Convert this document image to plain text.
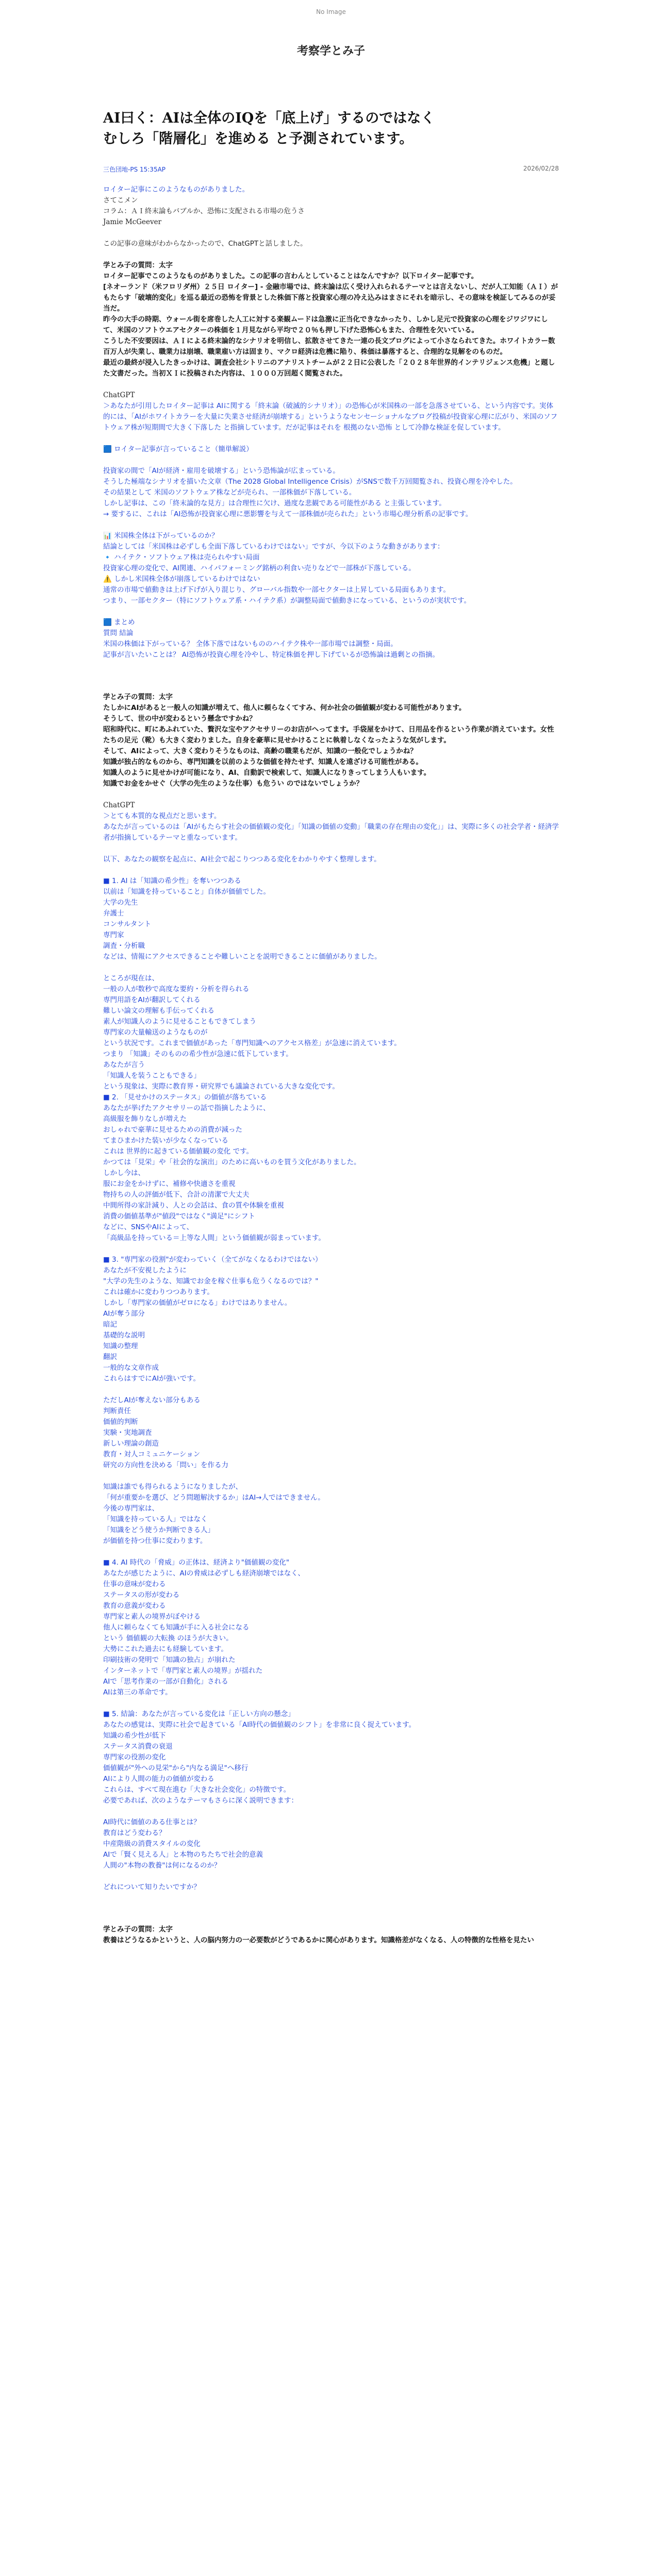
No Image
考察学とみ子
AI曰く：AIは全体のIQを「底上げ」するのではなく
むしろ「階層化」を進める と予測されています。
三色団地-PS 15:35AP	2026/02/28
ロイター記事にこのようなものがありました。
さてこメン
コラム：ＡＩ終末論もバブルか、恐怖に支配される市場の危うさ
Jamie McGeever
この記事の意味がわからなかったので、ChatGPTと話しました。
学とみ子の質問：太字
ロイター記事でこのようなものがありました。この記事の言わんとしていることはなんですか？以下ロイター記事です。
[ネオーランド（米フロリダ州）２５日 ロイター] - 金融市場では、終末論は広く受け入れられるテーマとは言えないし、だが人工知能（ＡＩ）がもたらす「破壊的変化」を巡る最近の恐怖を背景とした株価下落と投資家心理の冷え込みはまさにそれを暗示し、その意味を検証してみるのが妥当だ。
昨今の大手の時期、ウォール街を席巻した人工に対する楽観ムードは急激に正当化できなかったり、しかし足元で投資家の心理をジワジワにして、米国のソフトウエアセクターの株価を１月見ながら平均で２０％も押し下げた恐怖心もまた、合理性を欠いている。
こうした不安要因は、ＡＩによる終末論的なシナリオを明信し、拡散させてきた一連の長文ブログによって小さなられてきた。ホワイトカラー数百万人が失業し、職業力は崩壊、職業雇い方は固まり、マクロ経済は危機に陥り、株価は暴落すると、合理的な見解をのものだ。
最近の最終が浸入したきっかけは、調査会社シトリニのアナリストチームが２２日に公表した「２０２８年世界的インテリジェンス危機」と題した文書だった。当初ＸＩに投稿された内容は、１０００万回超く閲覧された。
ChatGPT
＞あなたが引用したロイター記事は AIに関する「終末論（破滅的シナリオ）」の恐怖心が米国株の一部を急落させている、という内容です。実体的には、「AIがホワイトカラーを大量に失業させ経済が崩壊する」というようなセンセーショナルなブログ投稿が投資家心理に広がり、米国のソフトウェア株が短期間で大きく下落した と指摘しています。だが記事はそれを 根拠のない恐怖 として冷静な検証を促しています。
🟦 ロイター記事が言っていること（簡単解説）
投資家の間で「AIが経済・雇用を破壊する」という恐怖論が広まっている。
そうした極端なシナリオを描いた文章（The 2028 Global Intelligence Crisis）がSNSで数千万回閲覧され、投資心理を冷やした。
その結果として 米国のソフトウェア株などが売られ、一部株価が下落している。
しかし記事は、この「終末論的な見方」は合理性に欠け、過度な悲観である可能性がある と主張しています。
→ 要するに、これは「AI恐怖が投資家心理に悪影響を与えて一部株価が売られた」という市場心理分析系の記事です。
📊 米国株全体は下がっているのか？
結論としては「米国株は必ずしも全面下落しているわけではない」ですが、今以下のような動きがあります：
🔹 ハイテク・ソフトウェア株は売られやすい局面
投資家心理の変化で、AI関連、ハイパフォーミング銘柄の利食い売りなどで一部株が下落している。
⚠️ しかし米国株全体が崩落しているわけではない
通常の市場で値動きは上げ下げが入り混じり、グローバル指数や一部セクターは上昇している局面もあります。
つまり、一部セクター（特にソフトウェア系・ハイテク系）が調整局面で値動きになっている、というのが実状です。
🟦 まとめ
質問 結論
米国の株価は下がっている？ 全体下落ではないもののハイテク株や一部市場では調整・局面。
記事が言いたいことは？ AI恐怖が投資心理を冷やし、特定株価を押し下げているが恐怖論は過剰との指摘。
学とみ子の質問：太字
たしかにAIがあると一般人の知識が増えて、他人に頼らなくてすみ、何か社会の価値観が変わる可能性があります。
そうして、世の中が変わるという懸念ですかね？
昭和時代に、町にあふれていた、贅沢な宝やアクセサリーのお店がへってます。手袋屋をかけて、日用品を作るという作業が消えています。女性たちの足元（靴）も大きく変わりました。自身を豪華に見せかけることに執着しなくなったような気がします。
そして、AIによって、大きく変わりそうなものは、高齢の職業もだが、知識の一般化でしょうかね？
知識が独占的なものから、専門知識を以前のような価値を持たせず、知識人を遠ざける可能性がある。
知識人のように見せかけが可能になり、AI、自動訳で検索して、知識人になりきってしまう人もいます。
知識でお金をかせぐ（大学の先生のような仕事）も危うい のではないでしょうか？
ChatGPT
＞とても本質的な視点だと思います。
あなたが言っているのは「AIがもたらす社会の価値観の変化」「知識の価値の変動」「職業の存在理由の変化」」は、実際に多くの社会学者・経済学者が指摘しているテーマと重なっています。
以下、あなたの観察を起点に、AI社会で起こりつつある変化をわかりやすく整理します。
■ 1. AI は「知識の希少性」を奪いつつある
以前は「知識を持っていること」自体が価値でした。
大学の先生
弁護士
コンサルタント
専門家
調査・分析職
などは、情報にアクセスできることや難しいことを説明できることに価値がありました。
ところが現在は、
一般の人が数秒で高度な要約・分析を得られる
専門用語をAIが翻訳してくれる
難しい論文の理解も手伝ってくれる
素人が知識人のように見せることもできてしまう
専門家の大量輸送のようなものが
という状況です。これまで価値があった「専門知識へのアクセス格差」が急速に消えています。
つまり 「知識」そのものの希少性が急速に低下しています。
あなたが言う
「知識人を装うこともできる」
という現象は、実際に教育界・研究界でも議論されている大きな変化です。
■ 2. 「見せかけのステータス」の価値が落ちている
あなたが挙げたアクセサリーの話で指摘したように、
高級服を飾りなしが増えた
おしゃれで豪華に見せるための消費が減った
てまひまかけた装いが少なくなっている
これは 世界的に起きている価値観の変化 です。
かつては「見栄」や「社会的な演出」のために高いものを買う文化がありました。
しかし今は、
服にお金をかけずに、補修や快適さを重視
物持ちの人の評価が低下、合計の清潔で大丈夫
中間所得の家計減り、人との会話は、食の質や体験を重視
消費の価値基準が"値段"ではなく"満足"にシフト
などに、SNSやAIによって、
「高級品を持っている＝上等な人間」という価値観が弱まっています。
■ 3. "専門家の役割"が変わっていく（全てがなくなるわけではない）
あなたが不安視したように
"大学の先生のような、知識でお金を稼ぐ仕事も危うくなるのでは？"
これは確かに変わりつつあります。
しかし「専門家の価値がゼロになる」わけではありません。
AIが奪う部分
暗記
基礎的な説明
知識の整理
翻訳
一般的な文章作成
これらはすでにAIが強いです。
ただしAIが奪えない部分もある
判断責任
価値的判断
実験・実地調査
新しい理論の創造
教育・対人コミュニケーション
研究の方向性を決める「問い」を作る力
知識は誰でも得られるようになりましたが、
「何が重要かを選び、どう問題解決するか」はAI→人ではできません。
今後の専門家は、
「知識を持っている人」ではなく
「知識をどう使うか判断できる人」
が価値を持つ仕事に変わります。
■ 4. AI 時代の「脅威」の正体は、経済より"価値観の変化"
あなたが感じたように、AIの脅威は必ずしも経済崩壊ではなく、
仕事の意味が変わる
ステータスの形が変わる
教育の意義が変わる
専門家と素人の境界がぼやける
他人に頼らなくても知識が手に入る社会になる
という 価値観の大転換 のほうが大きい。
大勢にこれた過去にも経験しています。
印刷技術の発明で「知識の独占」が崩れた
インターネットで「専門家と素人の境界」が揺れた
AIで「思考作業の一部が自動化」される
AIは第三の革命です。
■ 5. 結論：あなたが言っている変化は「正しい方向の懸念」
あなたの感覚は、実際に社会で起きている「AI時代の価値観のシフト」を非常に良く捉えています。
知識の希少性が低下
ステータス消費の衰退
専門家の役割の変化
価値観が"外への見栄"から"内なる満足"へ移行
AIにより人間の能力の価値が変わる
これらは、すべて現在進む「大きな社会変化」の特徴です。
必要であれば、次のようなテーマもさらに深く説明できます：
AI時代に価値のある仕事とは？
教育はどう変わる？
中産階級の消費スタイルの変化
AIで「賢く見える人」と本物のちたちで社会的意義
人間の"本物の教養"は何になるのか？
どれについて知りたいですか？
学とみ子の質問：太字
教養はどうなるかというと、人の脳内努力の一必要数がどうであるかに関心があります。知識格差がなくなる、人の特徴的な性格を見たい
